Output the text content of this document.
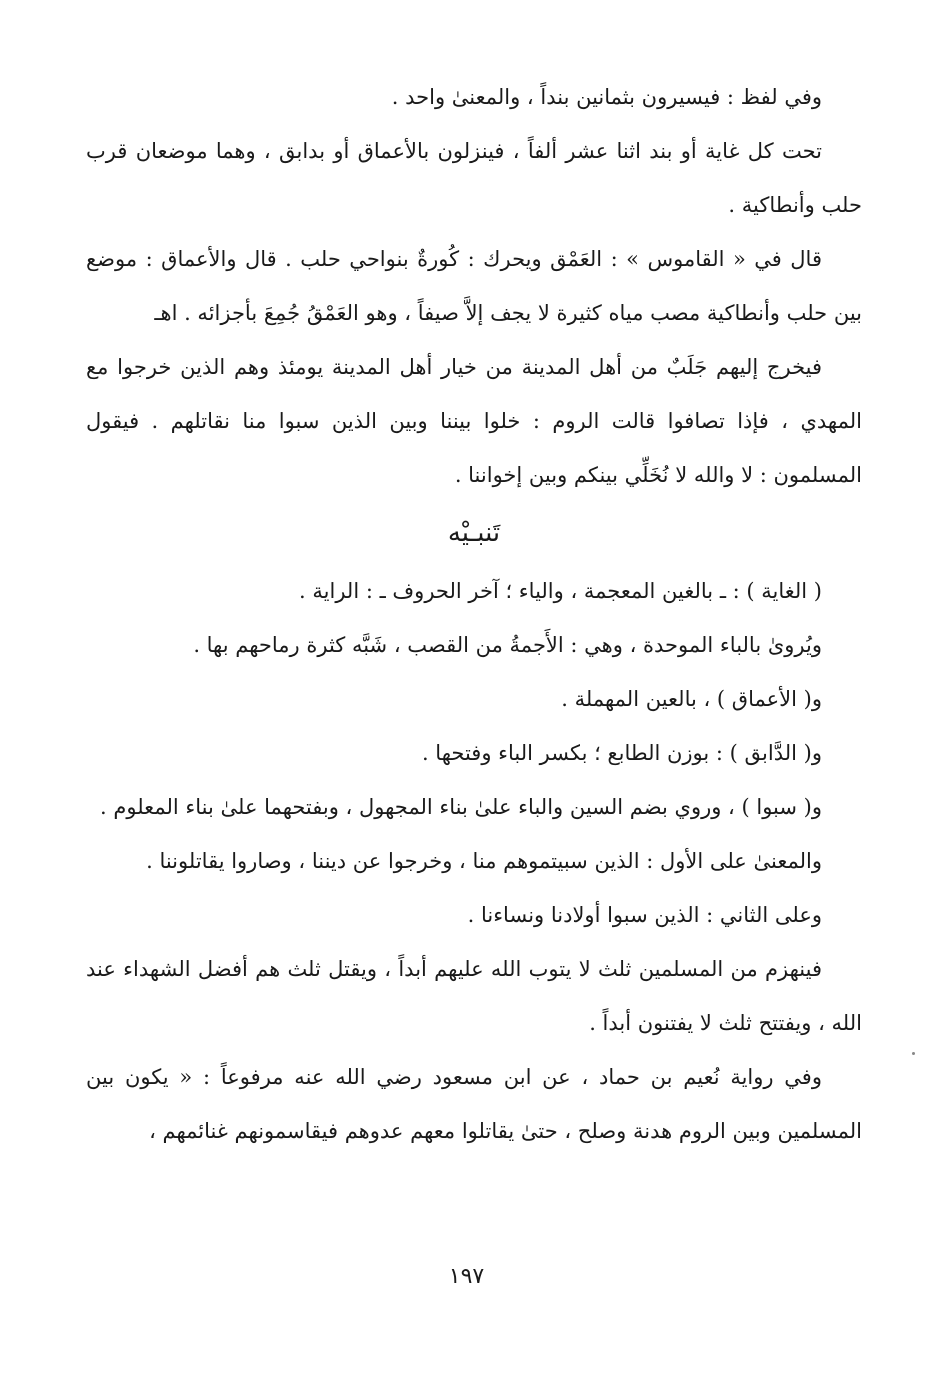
وفي لفظ : فيسيرون بثمانين بنداً ، والمعنىٰ واحد .

تحت كل غاية أو بند اثنا عشر ألفاً ، فينزلون بالأعماق أو بدابق ، وهما موضعان قرب حلب وأنطاكية .

قال في « القاموس » : العَمْق ويحرك : كُورةٌ بنواحي حلب . قال والأعماق : موضع بين حلب وأنطاكية مصب مياه كثيرة لا يجف إلاَّ صيفاً ، وهو العَمْقُ جُمِعَ بأجزائه . اهـ

فيخرج إليهم جَلَبٌ من أهل المدينة من خيار أهل المدينة يومئذ وهم الذين خرجوا مع المهدي ، فإذا تصافوا قالت الروم : خلوا بيننا وبين الذين سبوا منا نقاتلهم . فيقول المسلمون : لا والله لا نُخَلِّي بينكم وبين إخواننا .

تَنبـيْه

( الغاية ) : ـ بالغين المعجمة ، والياء ؛ آخر الحروف ـ : الراية .

ويُروىٰ بالباء الموحدة ، وهي : الأَجمةُ من القصب ، شَبَّه كثرة رماحهم بها .

و( الأعماق ) ، بالعين المهملة .

و( الدَّابق ) : بوزن الطابع ؛ بكسر الباء وفتحها .

و( سبوا ) ، وروي بضم السين والباء علىٰ بناء المجهول ، وبفتحهما علىٰ بناء المعلوم .

والمعنىٰ على الأول : الذين سبيتموهم منا ، وخرجوا عن ديننا ، وصاروا يقاتلوننا .

وعلى الثاني : الذين سبوا أولادنا ونساءنا .

فينهزم من المسلمين ثلث لا يتوب الله عليهم أبداً ، ويقتل ثلث هم أفضل الشهداء عند الله ، ويفتتح ثلث لا يفتنون أبداً .

وفي رواية نُعيم بن حماد ، عن ابن مسعود رضي الله عنه مرفوعاً : « يكون بين المسلمين وبين الروم هدنة وصلح ، حتىٰ يقاتلوا معهم عدوهم فيقاسمونهم غنائمهم ،

١٩٧
